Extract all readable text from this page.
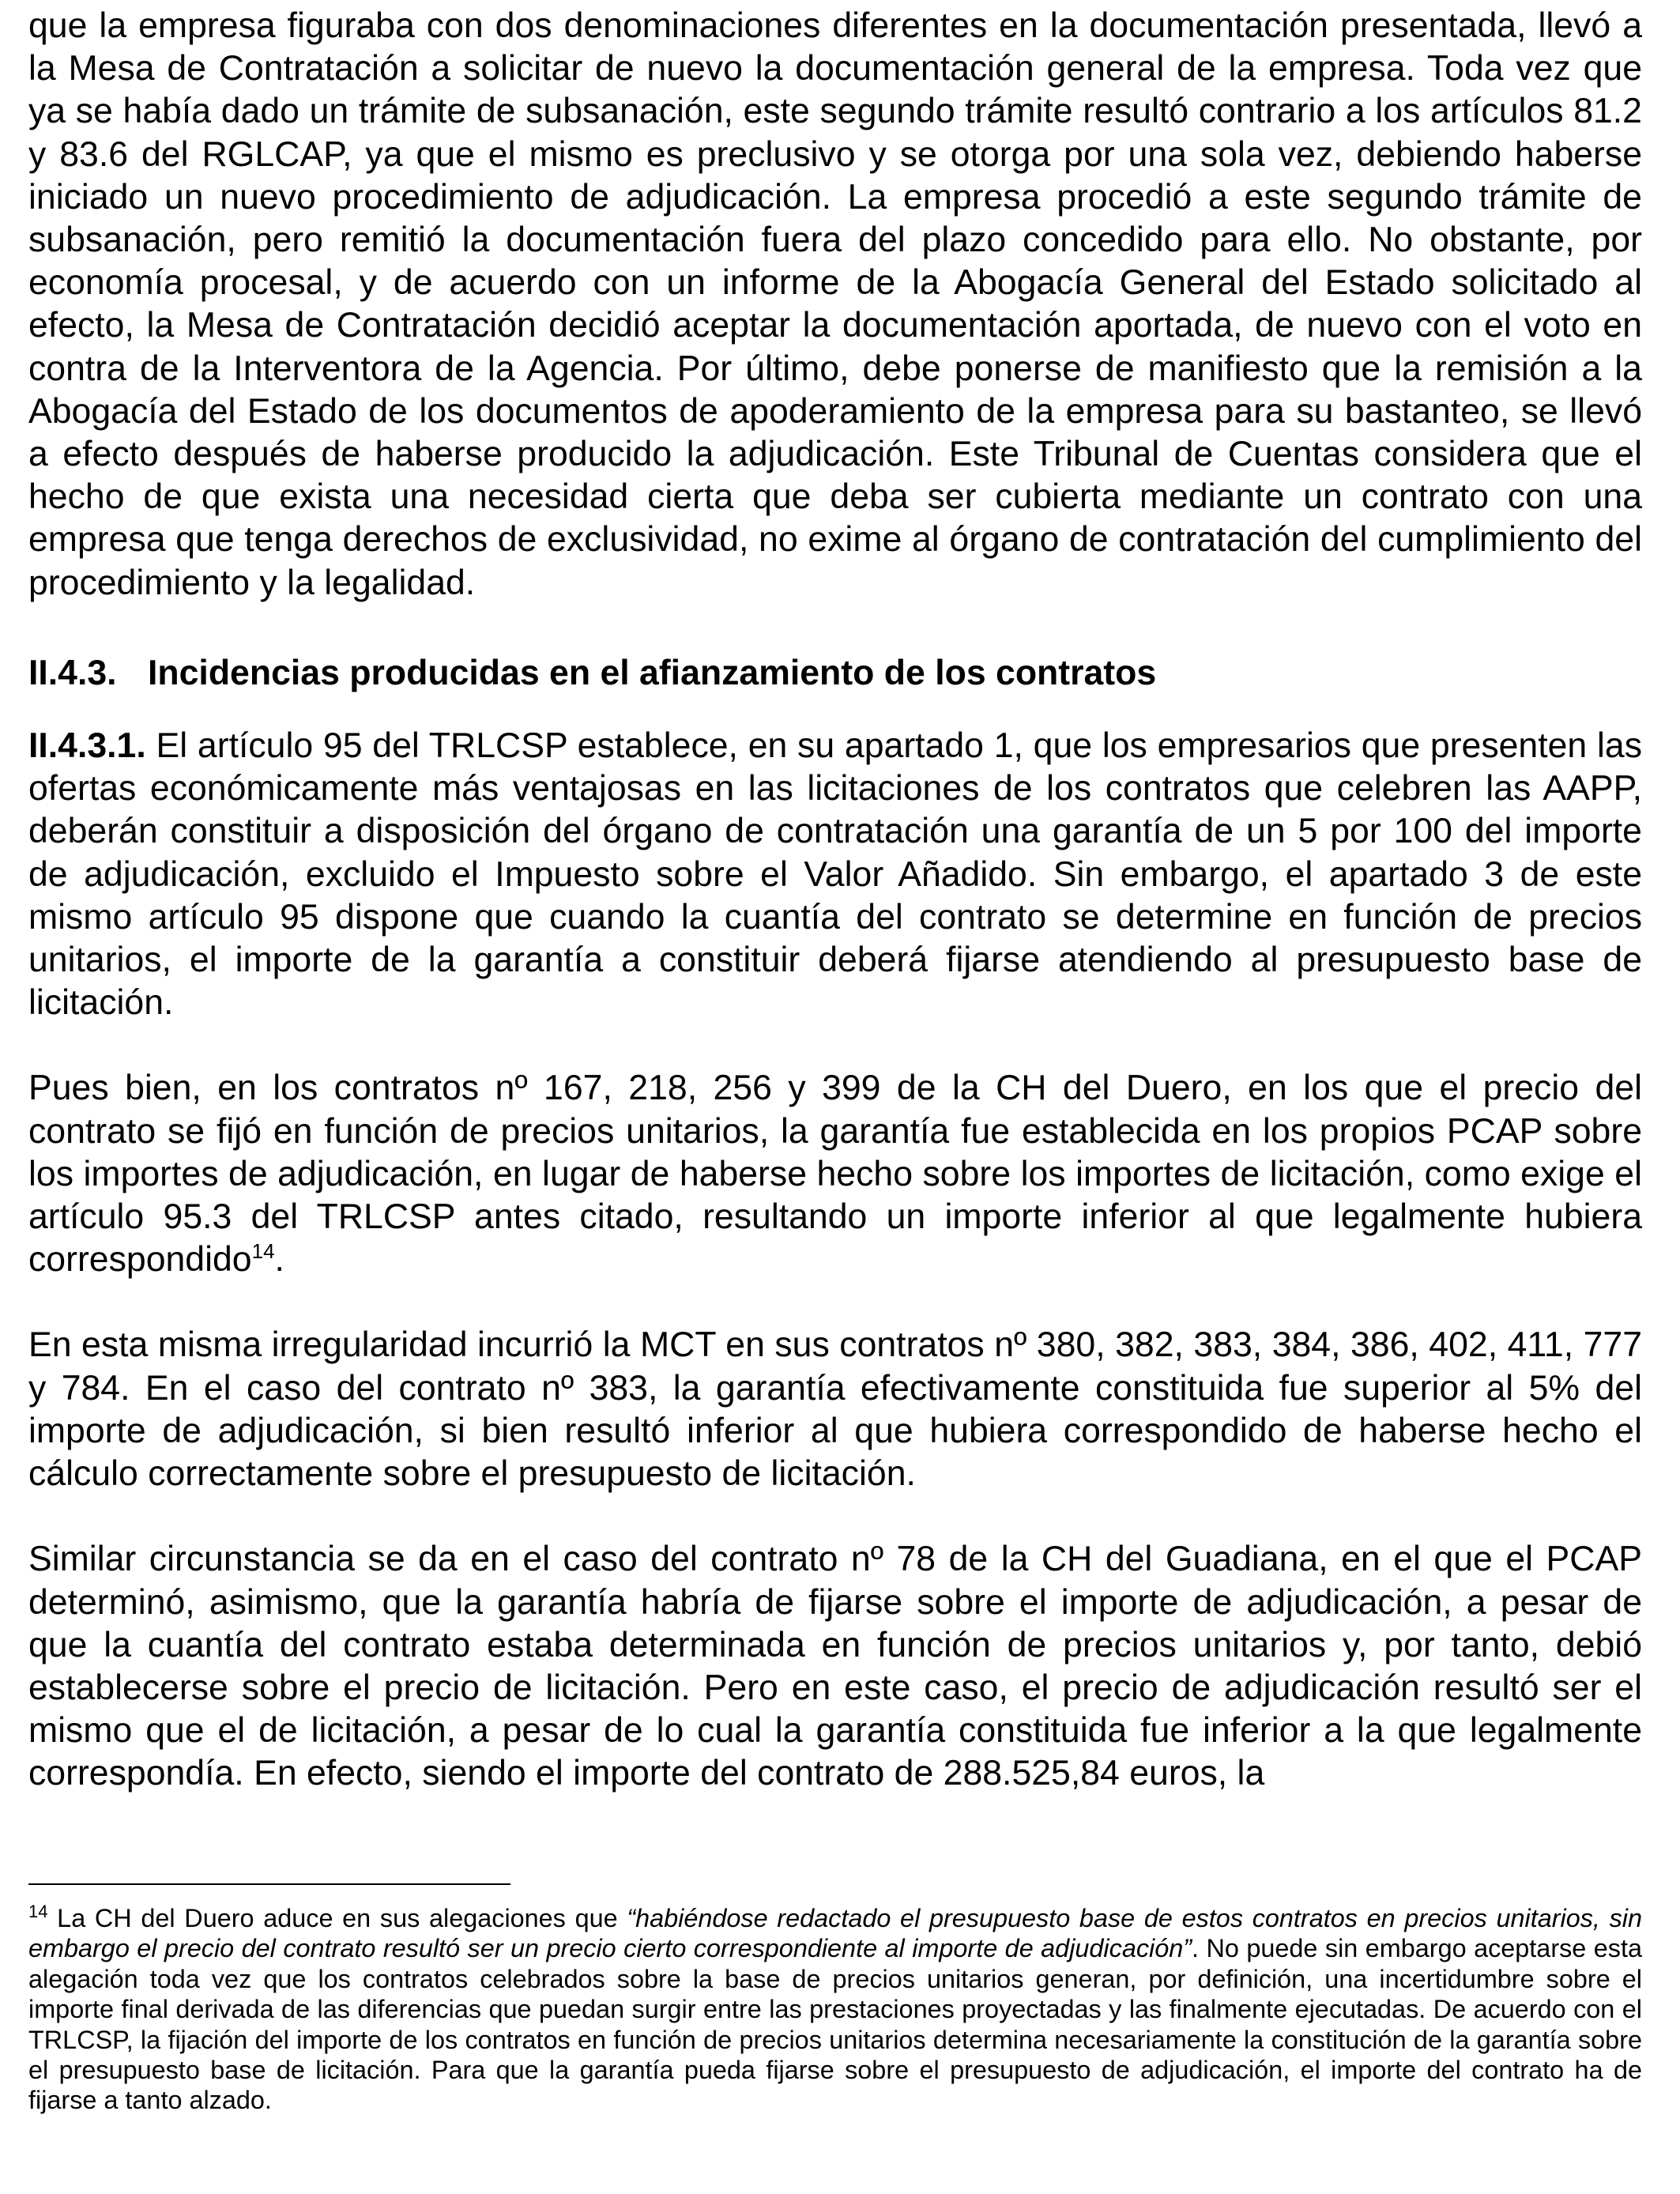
que la empresa figuraba con dos denominaciones diferentes en la documentación presentada, llevó a la Mesa de Contratación a solicitar de nuevo la documentación general de la empresa. Toda vez que ya se había dado un trámite de subsanación, este segundo trámite resultó contrario a los artículos 81.2 y 83.6 del RGLCAP, ya que el mismo es preclusivo y se otorga por una sola vez, debiendo haberse iniciado un nuevo procedimiento de adjudicación. La empresa procedió a este segundo trámite de subsanación, pero remitió la documentación fuera del plazo concedido para ello. No obstante, por economía procesal, y de acuerdo con un informe de la Abogacía General del Estado solicitado al efecto, la Mesa de Contratación decidió aceptar la documentación aportada, de nuevo con el voto en contra de la Interventora de la Agencia. Por último, debe ponerse de manifiesto que la remisión a la Abogacía del Estado de los documentos de apoderamiento de la empresa para su bastanteo, se llevó a efecto después de haberse producido la adjudicación. Este Tribunal de Cuentas considera que el hecho de que exista una necesidad cierta que deba ser cubierta mediante un contrato con una empresa que tenga derechos de exclusividad, no exime al órgano de contratación del cumplimiento del procedimiento y la legalidad.

II.4.3. Incidencias producidas en el afianzamiento de los contratos

II.4.3.1. El artículo 95 del TRLCSP establece, en su apartado 1, que los empresarios que presenten las ofertas económicamente más ventajosas en las licitaciones de los contratos que celebren las AAPP, deberán constituir a disposición del órgano de contratación una garantía de un 5 por 100 del importe de adjudicación, excluido el Impuesto sobre el Valor Añadido. Sin embargo, el apartado 3 de este mismo artículo 95 dispone que cuando la cuantía del contrato se determine en función de precios unitarios, el importe de la garantía a constituir deberá fijarse atendiendo al presupuesto base de licitación.

Pues bien, en los contratos nº 167, 218, 256 y 399 de la CH del Duero, en los que el precio del contrato se fijó en función de precios unitarios, la garantía fue establecida en los propios PCAP sobre los importes de adjudicación, en lugar de haberse hecho sobre los importes de licitación, como exige el artículo 95.3 del TRLCSP antes citado, resultando un importe inferior al que legalmente hubiera correspondido$^{14}$.

En esta misma irregularidad incurrió la MCT en sus contratos nº 380, 382, 383, 384, 386, 402, 411, 777 y 784. En el caso del contrato nº 383, la garantía efectivamente constituida fue superior al 5% del importe de adjudicación, si bien resultó inferior al que hubiera correspondido de haberse hecho el cálculo correctamente sobre el presupuesto de licitación.

Similar circunstancia se da en el caso del contrato nº 78 de la CH del Guadiana, en el que el PCAP determinó, asimismo, que la garantía habría de fijarse sobre el importe de adjudicación, a pesar de que la cuantía del contrato estaba determinada en función de precios unitarios y, por tanto, debió establecerse sobre el precio de licitación. Pero en este caso, el precio de adjudicación resultó ser el mismo que el de licitación, a pesar de lo cual la garantía constituida fue inferior a la que legalmente correspondía. En efecto, siendo el importe del contrato de 288.525,84 euros, la

$^{14}$ La CH del Duero aduce en sus alegaciones que “habiéndose redactado el presupuesto base de estos contratos en precios unitarios, sin embargo el precio del contrato resultó ser un precio cierto correspondiente al importe de adjudicación”. No puede sin embargo aceptarse esta alegación toda vez que los contratos celebrados sobre la base de precios unitarios generan, por definición, una incertidumbre sobre el importe final derivada de las diferencias que puedan surgir entre las prestaciones proyectadas y las finalmente ejecutadas. De acuerdo con el TRLCSP, la fijación del importe de los contratos en función de precios unitarios determina necesariamente la constitución de la garantía sobre el presupuesto base de licitación. Para que la garantía pueda fijarse sobre el presupuesto de adjudicación, el importe del contrato ha de fijarse a tanto alzado.
